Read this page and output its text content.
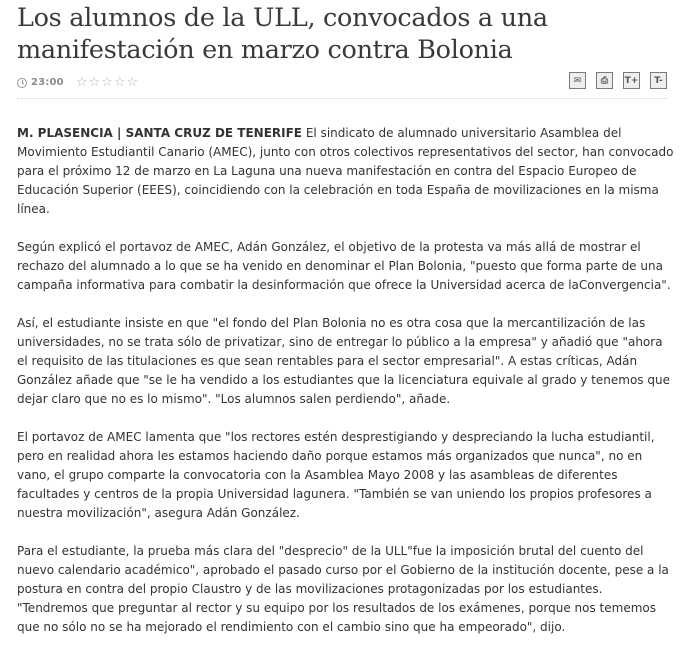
Los alumnos de la ULL, convocados a una manifestación en marzo contra Bolonia
23:00 ☆ ☆ ☆ ☆ ☆	✉	⎙	T+	T-

M. PLASENCIA | SANTA CRUZ DE TENERIFE El sindicato de alumnado universitario Asamblea del Movimiento Estudiantil Canario (AMEC), junto con otros colectivos representativos del sector, han convocado para el próximo 12 de marzo en La Laguna una nueva manifestación en contra del Espacio Europeo de Educación Superior (EEES), coincidiendo con la celebración en toda España de movilizaciones en la misma línea.

Según explicó el portavoz de AMEC, Adán González, el objetivo de la protesta va más allá de mostrar el rechazo del alumnado a lo que se ha venido en denominar el Plan Bolonia, "puesto que forma parte de una campaña informativa para combatir la desinformación que ofrece la Universidad acerca de laConvergencia".

Así, el estudiante insiste en que "el fondo del Plan Bolonia no es otra cosa que la mercantilización de las universidades, no se trata sólo de privatizar, sino de entregar lo público a la empresa" y añadió que "ahora el requisito de las titulaciones es que sean rentables para el sector empresarial". A estas críticas, Adán González añade que "se le ha vendido a los estudiantes que la licenciatura equivale al grado y tenemos que dejar claro que no es lo mismo". "Los alumnos salen perdiendo", añade.

El portavoz de AMEC lamenta que "los rectores estén desprestigiando y despreciando la lucha estudiantil, pero en realidad ahora les estamos haciendo daño porque estamos más organizados que nunca", no en vano, el grupo comparte la convocatoria con la Asamblea Mayo 2008 y las asambleas de diferentes facultades y centros de la propia Universidad lagunera. "También se van uniendo los propios profesores a nuestra movilización", asegura Adán González.

Para el estudiante, la prueba más clara del "desprecio" de la ULL"fue la imposición brutal del cuento del nuevo calendario académico", aprobado el pasado curso por el Gobierno de la institución docente, pese a la postura en contra del propio Claustro y de las movilizaciones protagonizadas por los estudiantes. "Tendremos que preguntar al rector y su equipo por los resultados de los exámenes, porque nos tememos que no sólo no se ha mejorado el rendimiento con el cambio sino que ha empeorado", dijo.
